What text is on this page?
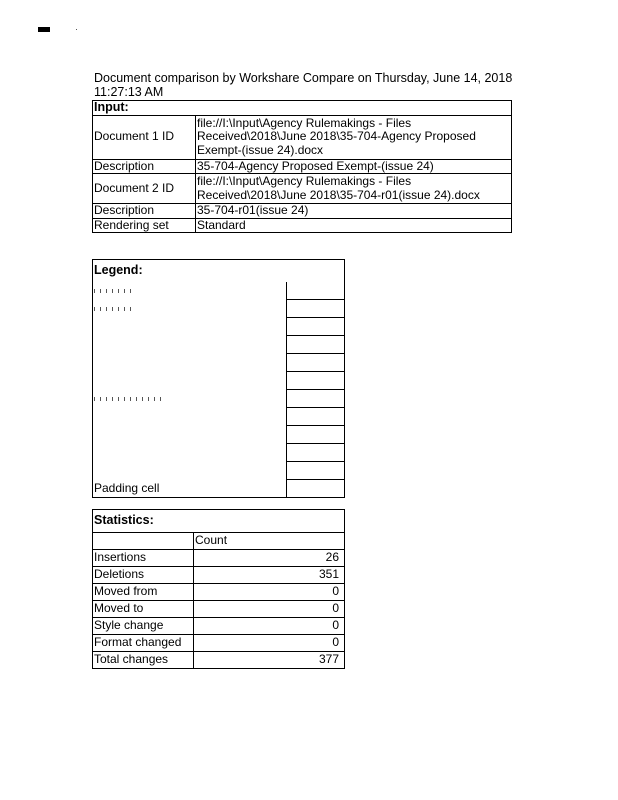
Document comparison by Workshare Compare on Thursday, June 14, 2018 11:27:13 AM
Input:	
Document 1 ID	file://I:\Input\Agency Rulemakings - Files Received\2018\June 2018\35-704-Agency Proposed Exempt-(issue 24).docx
Description	35-704-Agency Proposed Exempt-(issue 24)
Document 2 ID	file://I:\Input\Agency Rulemakings - Files Received\2018\June 2018\35-704-r01(issue 24).docx
Description	35-704-r01(issue 24)
Rendering set	Standard
Legend:	

Padding cell	
Statistics:	
	Count
Insertions	26
Deletions	351
Moved from	0
Moved to	0
Style change	0
Format changed	0
Total changes	377
